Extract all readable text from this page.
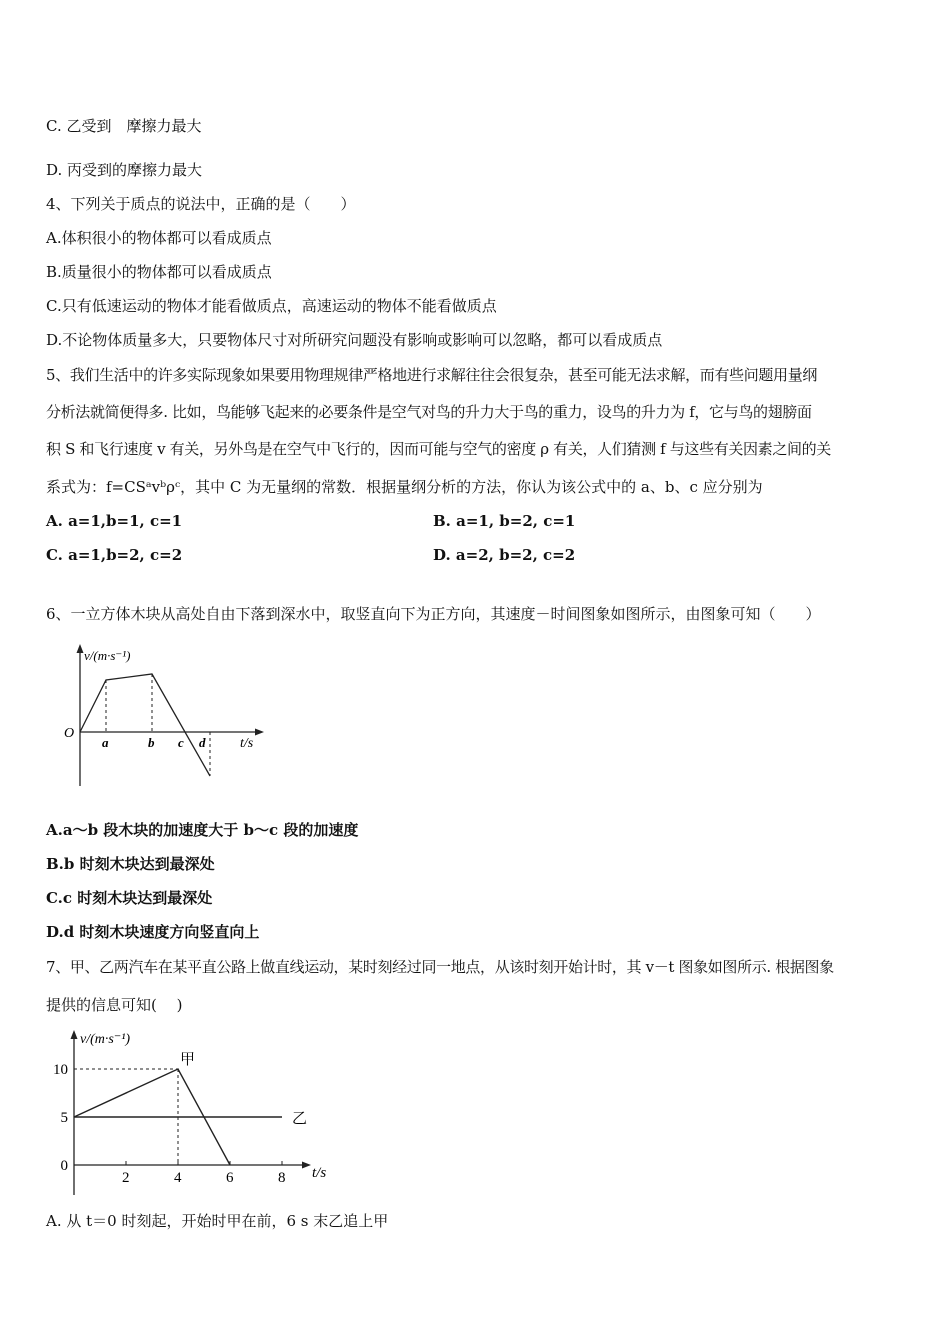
C. 乙受到　摩擦力最大
D. 丙受到的摩擦力最大
4、下列关于质点的说法中，正确的是（　　）
A.体积很小的物体都可以看成质点
B.质量很小的物体都可以看成质点
C.只有低速运动的物体才能看做质点，高速运动的物体不能看做质点
D.不论物体质量多大，只要物体尺寸对所研究问题没有影响或影响可以忽略，都可以看成质点
5、我们生活中的许多实际现象如果要用物理规律严格地进行求解往往会很复杂，甚至可能无法求解，而有些问题用量纲
分析法就简便得多. 比如，鸟能够飞起来的必要条件是空气对鸟的升力大于鸟的重力，设鸟的升力为 f，它与鸟的翅膀面
积 S 和飞行速度 v 有关，另外鸟是在空气中飞行的，因而可能与空气的密度 ρ 有关，人们猜测 f 与这些有关因素之间的关
系式为：f=CSᵃvᵇρᶜ，其中 C 为无量纲的常数．根据量纲分析的方法，你认为该公式中的 a、b、c 应分别为
A. a=1,b=1, c=1	B. a=1, b=2, c=1
C. a=1,b=2, c=2	D. a=2, b=2, c=2
6、一立方体木块从高处自由下落到深水中，取竖直向下为正方向，其速度－时间图象如图所示，由图象可知（　　）
v/(m·s⁻¹)
O
a	b c d t/s
A.a～b 段木块的加速度大于 b～c 段的加速度
B.b 时刻木块达到最深处
C.c 时刻木块达到最深处
D.d 时刻木块速度方向竖直向上
7、甲、乙两汽车在某平直公路上做直线运动，某时刻经过同一地点，从该时刻开始计时，其 v－t 图象如图所示. 根据图象
提供的信息可知(　 )
2	4	6	8
0
5
10
甲
乙
v/(m·s⁻¹)
t/s
A. 从 t＝0 时刻起，开始时甲在前，6 s 末乙追上甲
